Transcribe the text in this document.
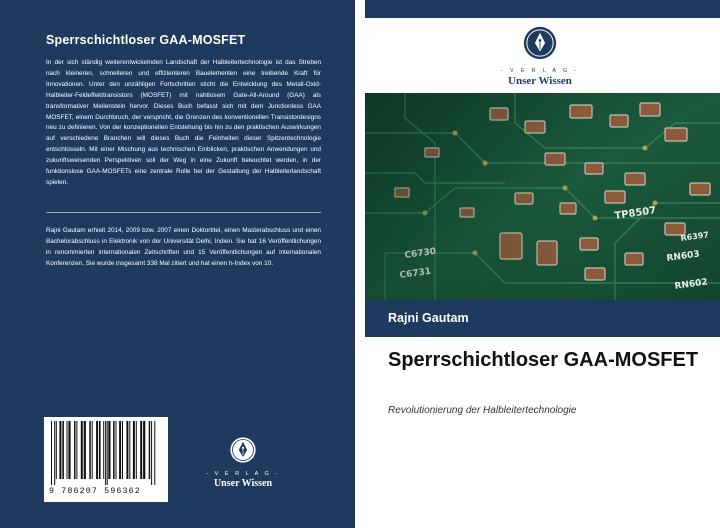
Sperrschichtloser GAA-MOSFET
In der sich ständig weiterentwickelnden Landschaft der Halbleitertechnologie ist das Streben nach kleineren, schnelleren und effizienteren Bauelementen eine treibende Kraft für Innovationen. Unter den unzähligen Fortschritten sticht die Entwicklung des Metall-Oxid-Halbleiter-Feldeffekttransistors (MOSFET) mit nahtlosem Gate-All-Around (GAA) als transformativer Meilenstein hervor. Dieses Buch befasst sich mit dem Junctionless GAA MOSFET, einem Durchbruch, der verspricht, die Grenzen des konventionellen Transistordesigns neu zu definieren. Von der konzeptionellen Entstehung bis hin zu den praktischen Auswirkungen auf verschiedene Branchen will dieses Buch die Feinheiten dieser Spitzentechnologie entschlüsseln. Mit einer Mischung aus technischen Einblicken, praktischen Anwendungen und zukunftsweisenden Perspektiven soll der Weg in eine Zukunft beleuchtet werden, in der funktionslose GAA-MOSFETs eine zentrale Rolle bei der Gestaltung der Halbleiterlandschaft spielen.
Rajni Gautam erhielt 2014, 2009 bzw. 2007 einen Doktortitel, einen Masterabschluss und einen Bachelorabschluss in Elektronik von der Universität Delhi, Indien. Sie hat 16 Veröffentlichungen in renommierten internationalen Zeitschriften und 15 Veröffentlichungen auf internationalen Konferenzen. Sie wurde insgesamt 338 Mal zitiert und hat einen h-Index von 10.
9 786207 596362
- V E R L A G -
Unser Wissen
- V E R L A G -
Unser Wissen
Rajni Gautam
Sperrschichtloser GAA-MOSFET
Revolutionierung der Halbleitertechnologie
